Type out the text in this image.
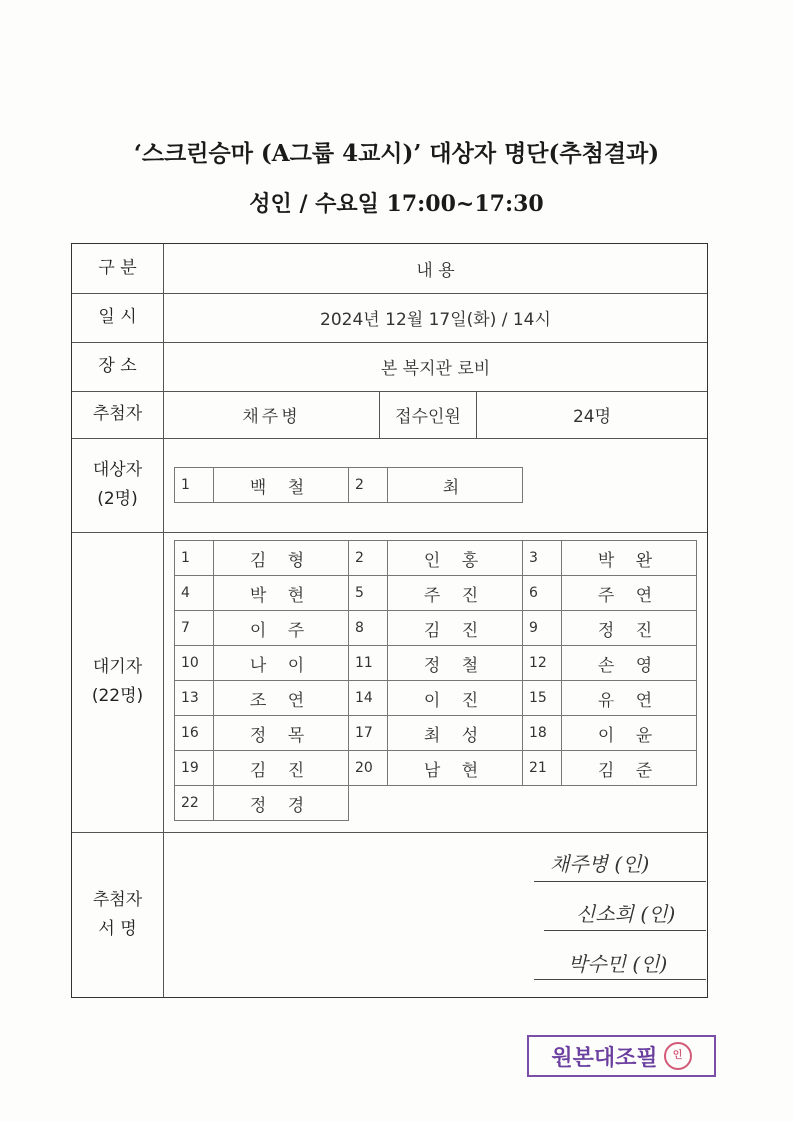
‘스크린승마 (A그룹 4교시)’ 대상자 명단(추첨결과)
성인 / 수요일 17:00~17:30
구 분	내 용
일 시	2024년 12월 17일(화) / 14시
장 소	본 복지관 로비
추첨자	채주병	접수인원	24명
대상자
(2명)
1	백 철	2	최
대기자
(22명)
1	김 형	2	인 홍	3	박 완
4	박 현	5	주 진	6	주 연
7	이 주	8	김 진	9	정 진
10	나 이	11	정 철	12	손 영
13	조 연	14	이 진	15	유 연
16	정 목	17	최 성	18	이 윤
19	김 진	20	남 현	21	김 준
22	정 경				
추첨자
서 명
채주병 (인)
신소희 (인)
박수민 (인)
원본대조필	인
